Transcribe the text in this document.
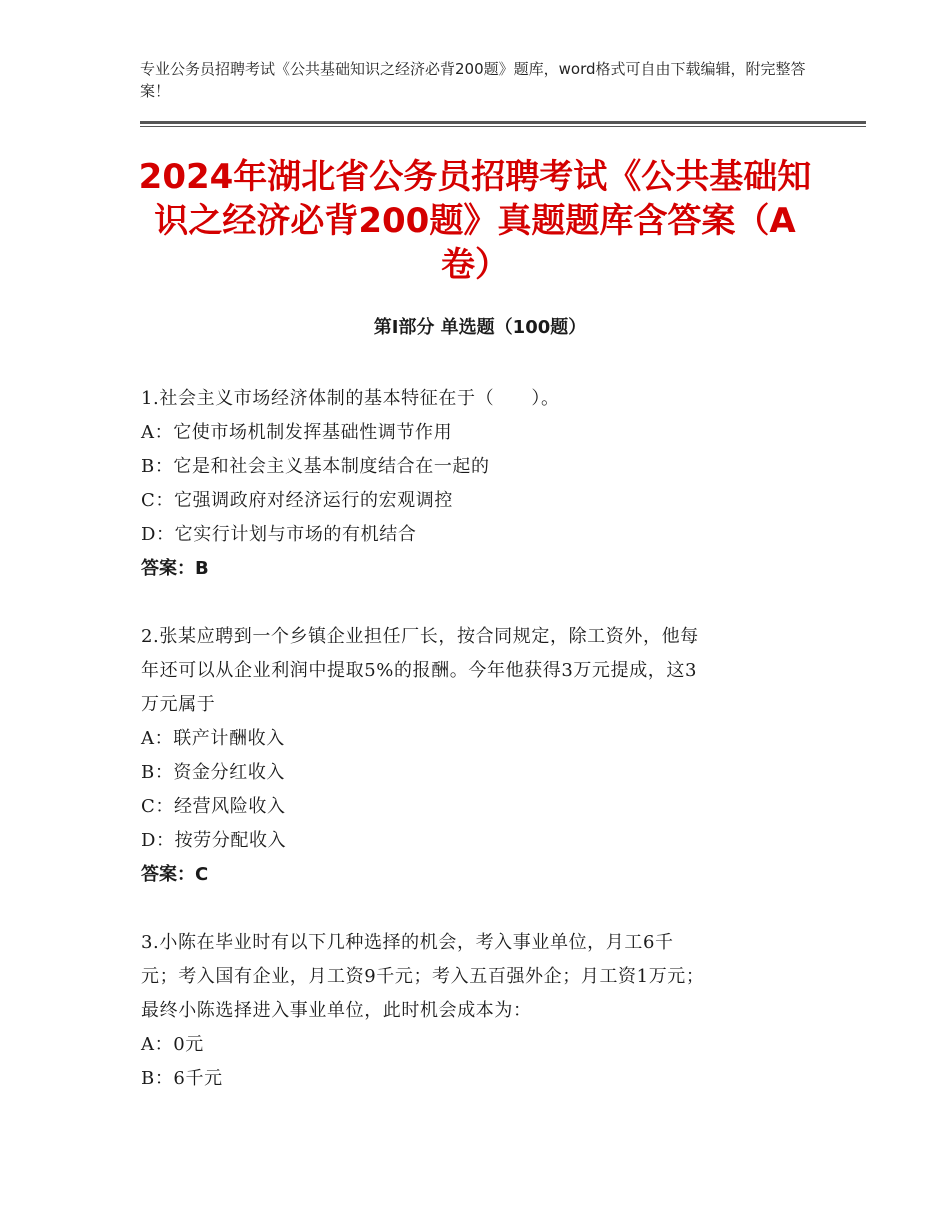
专业公务员招聘考试《公共基础知识之经济必背200题》题库，word格式可自由下载编辑，附完整答案！
2024年湖北省公务员招聘考试《公共基础知识之经济必背200题》真题题库含答案（A卷）
第Ⅰ部分 单选题（100题）
1.社会主义市场经济体制的基本特征在于（　　）。
A：它使市场机制发挥基础性调节作用
B：它是和社会主义基本制度结合在一起的
C：它强调政府对经济运行的宏观调控
D：它实行计划与市场的有机结合
答案：B
2.张某应聘到一个乡镇企业担任厂长，按合同规定，除工资外，他每
年还可以从企业利润中提取5%的报酬。今年他获得3万元提成，这3
万元属于
A：联产计酬收入
B：资金分红收入
C：经营风险收入
D：按劳分配收入
答案：C
3.小陈在毕业时有以下几种选择的机会，考入事业单位，月工6千
元；考入国有企业，月工资9千元；考入五百强外企；月工资1万元；
最终小陈选择进入事业单位，此时机会成本为：
A：0元
B：6千元
